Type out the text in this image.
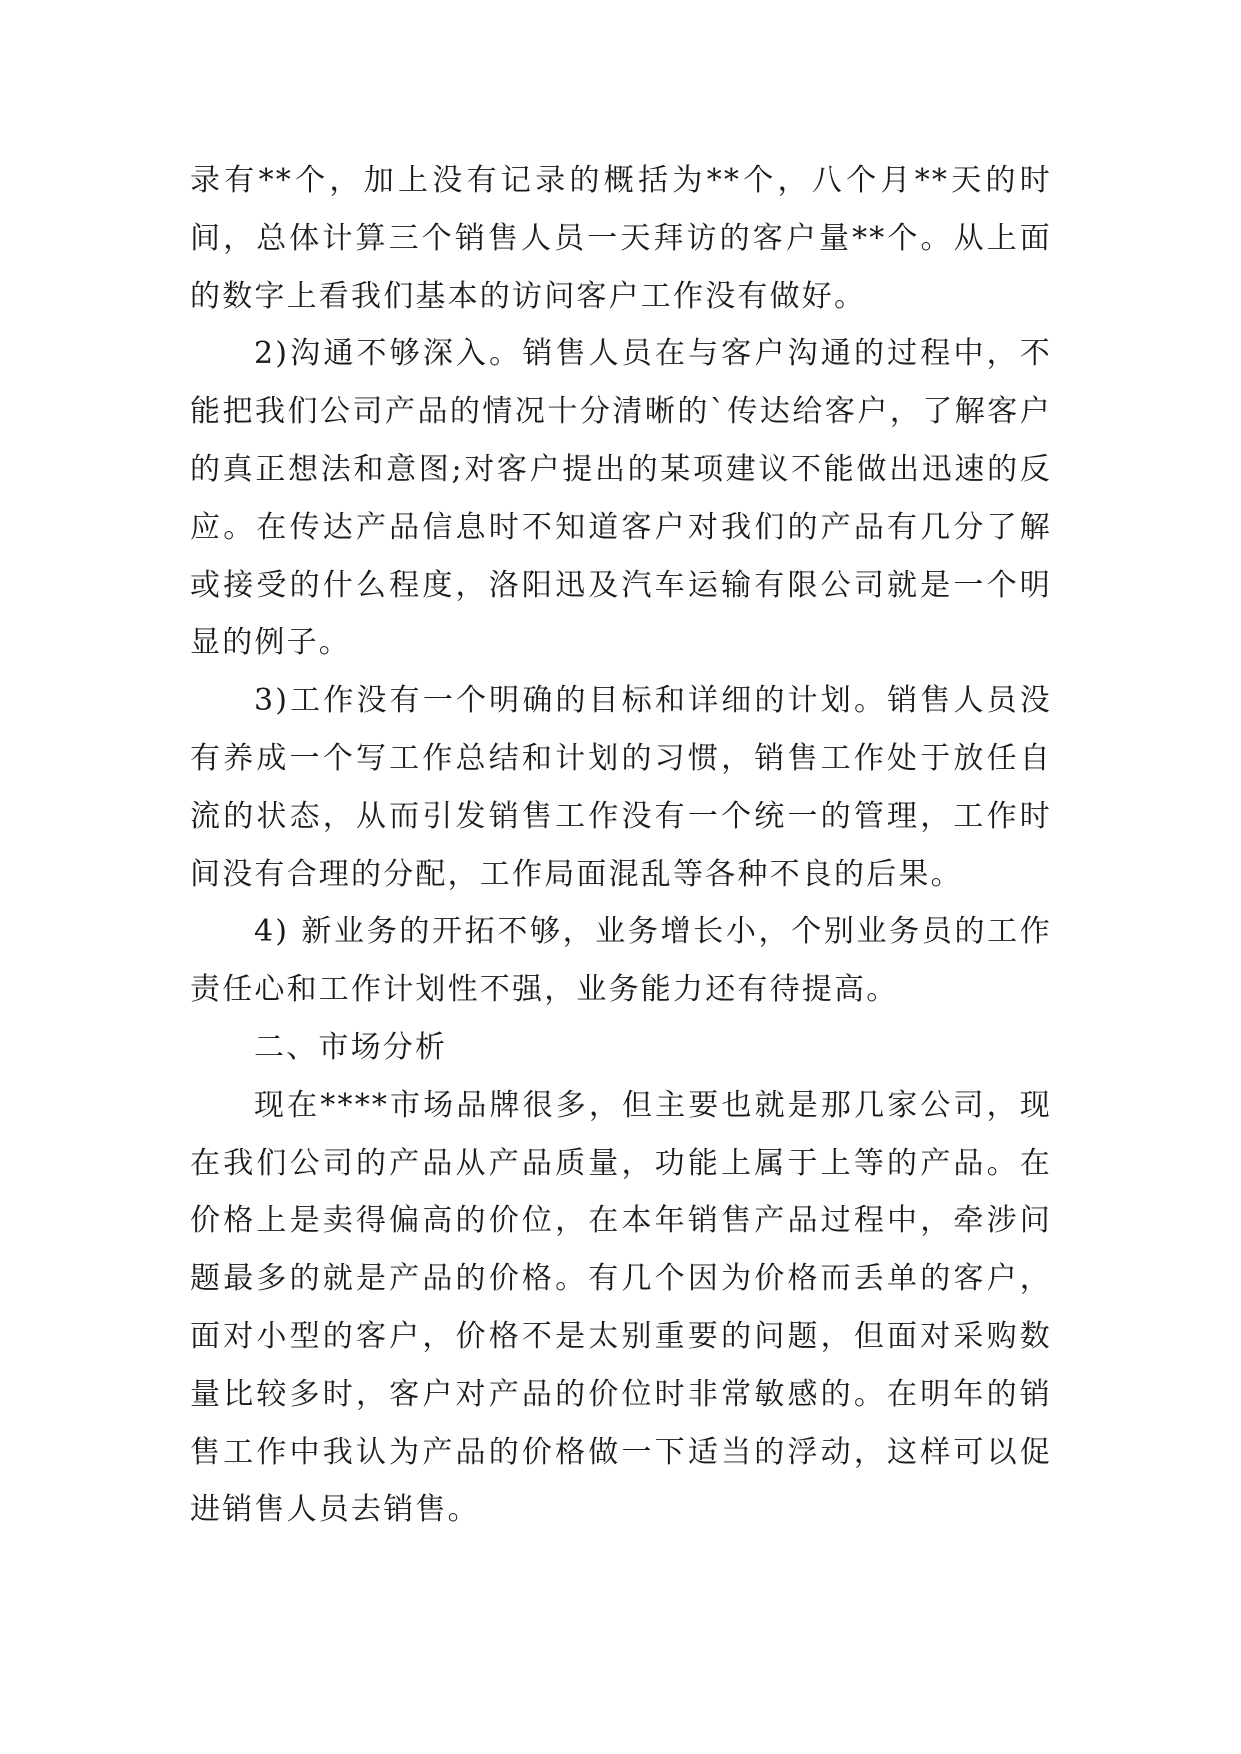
录有**个，加上没有记录的概括为**个，八个月**天的时间，总体计算三个销售人员一天拜访的客户量**个。从上面的数字上看我们基本的访问客户工作没有做好。

2)沟通不够深入。销售人员在与客户沟通的过程中，不能把我们公司产品的情况十分清晰的`传达给客户，了解客户的真正想法和意图;对客户提出的某项建议不能做出迅速的反应。在传达产品信息时不知道客户对我们的产品有几分了解或接受的什么程度，洛阳迅及汽车运输有限公司就是一个明显的例子。

3)工作没有一个明确的目标和详细的计划。销售人员没有养成一个写工作总结和计划的习惯，销售工作处于放任自流的状态，从而引发销售工作没有一个统一的管理，工作时间没有合理的分配，工作局面混乱等各种不良的后果。

4) 新业务的开拓不够，业务增长小，个别业务员的工作责任心和工作计划性不强，业务能力还有待提高。

二、市场分析

现在****市场品牌很多，但主要也就是那几家公司，现在我们公司的产品从产品质量，功能上属于上等的产品。在价格上是卖得偏高的价位，在本年销售产品过程中，牵涉问题最多的就是产品的价格。有几个因为价格而丢单的客户，面对小型的客户，价格不是太别重要的问题，但面对采购数量比较多时，客户对产品的价位时非常敏感的。在明年的销售工作中我认为产品的价格做一下适当的浮动，这样可以促进销售人员去销售。
